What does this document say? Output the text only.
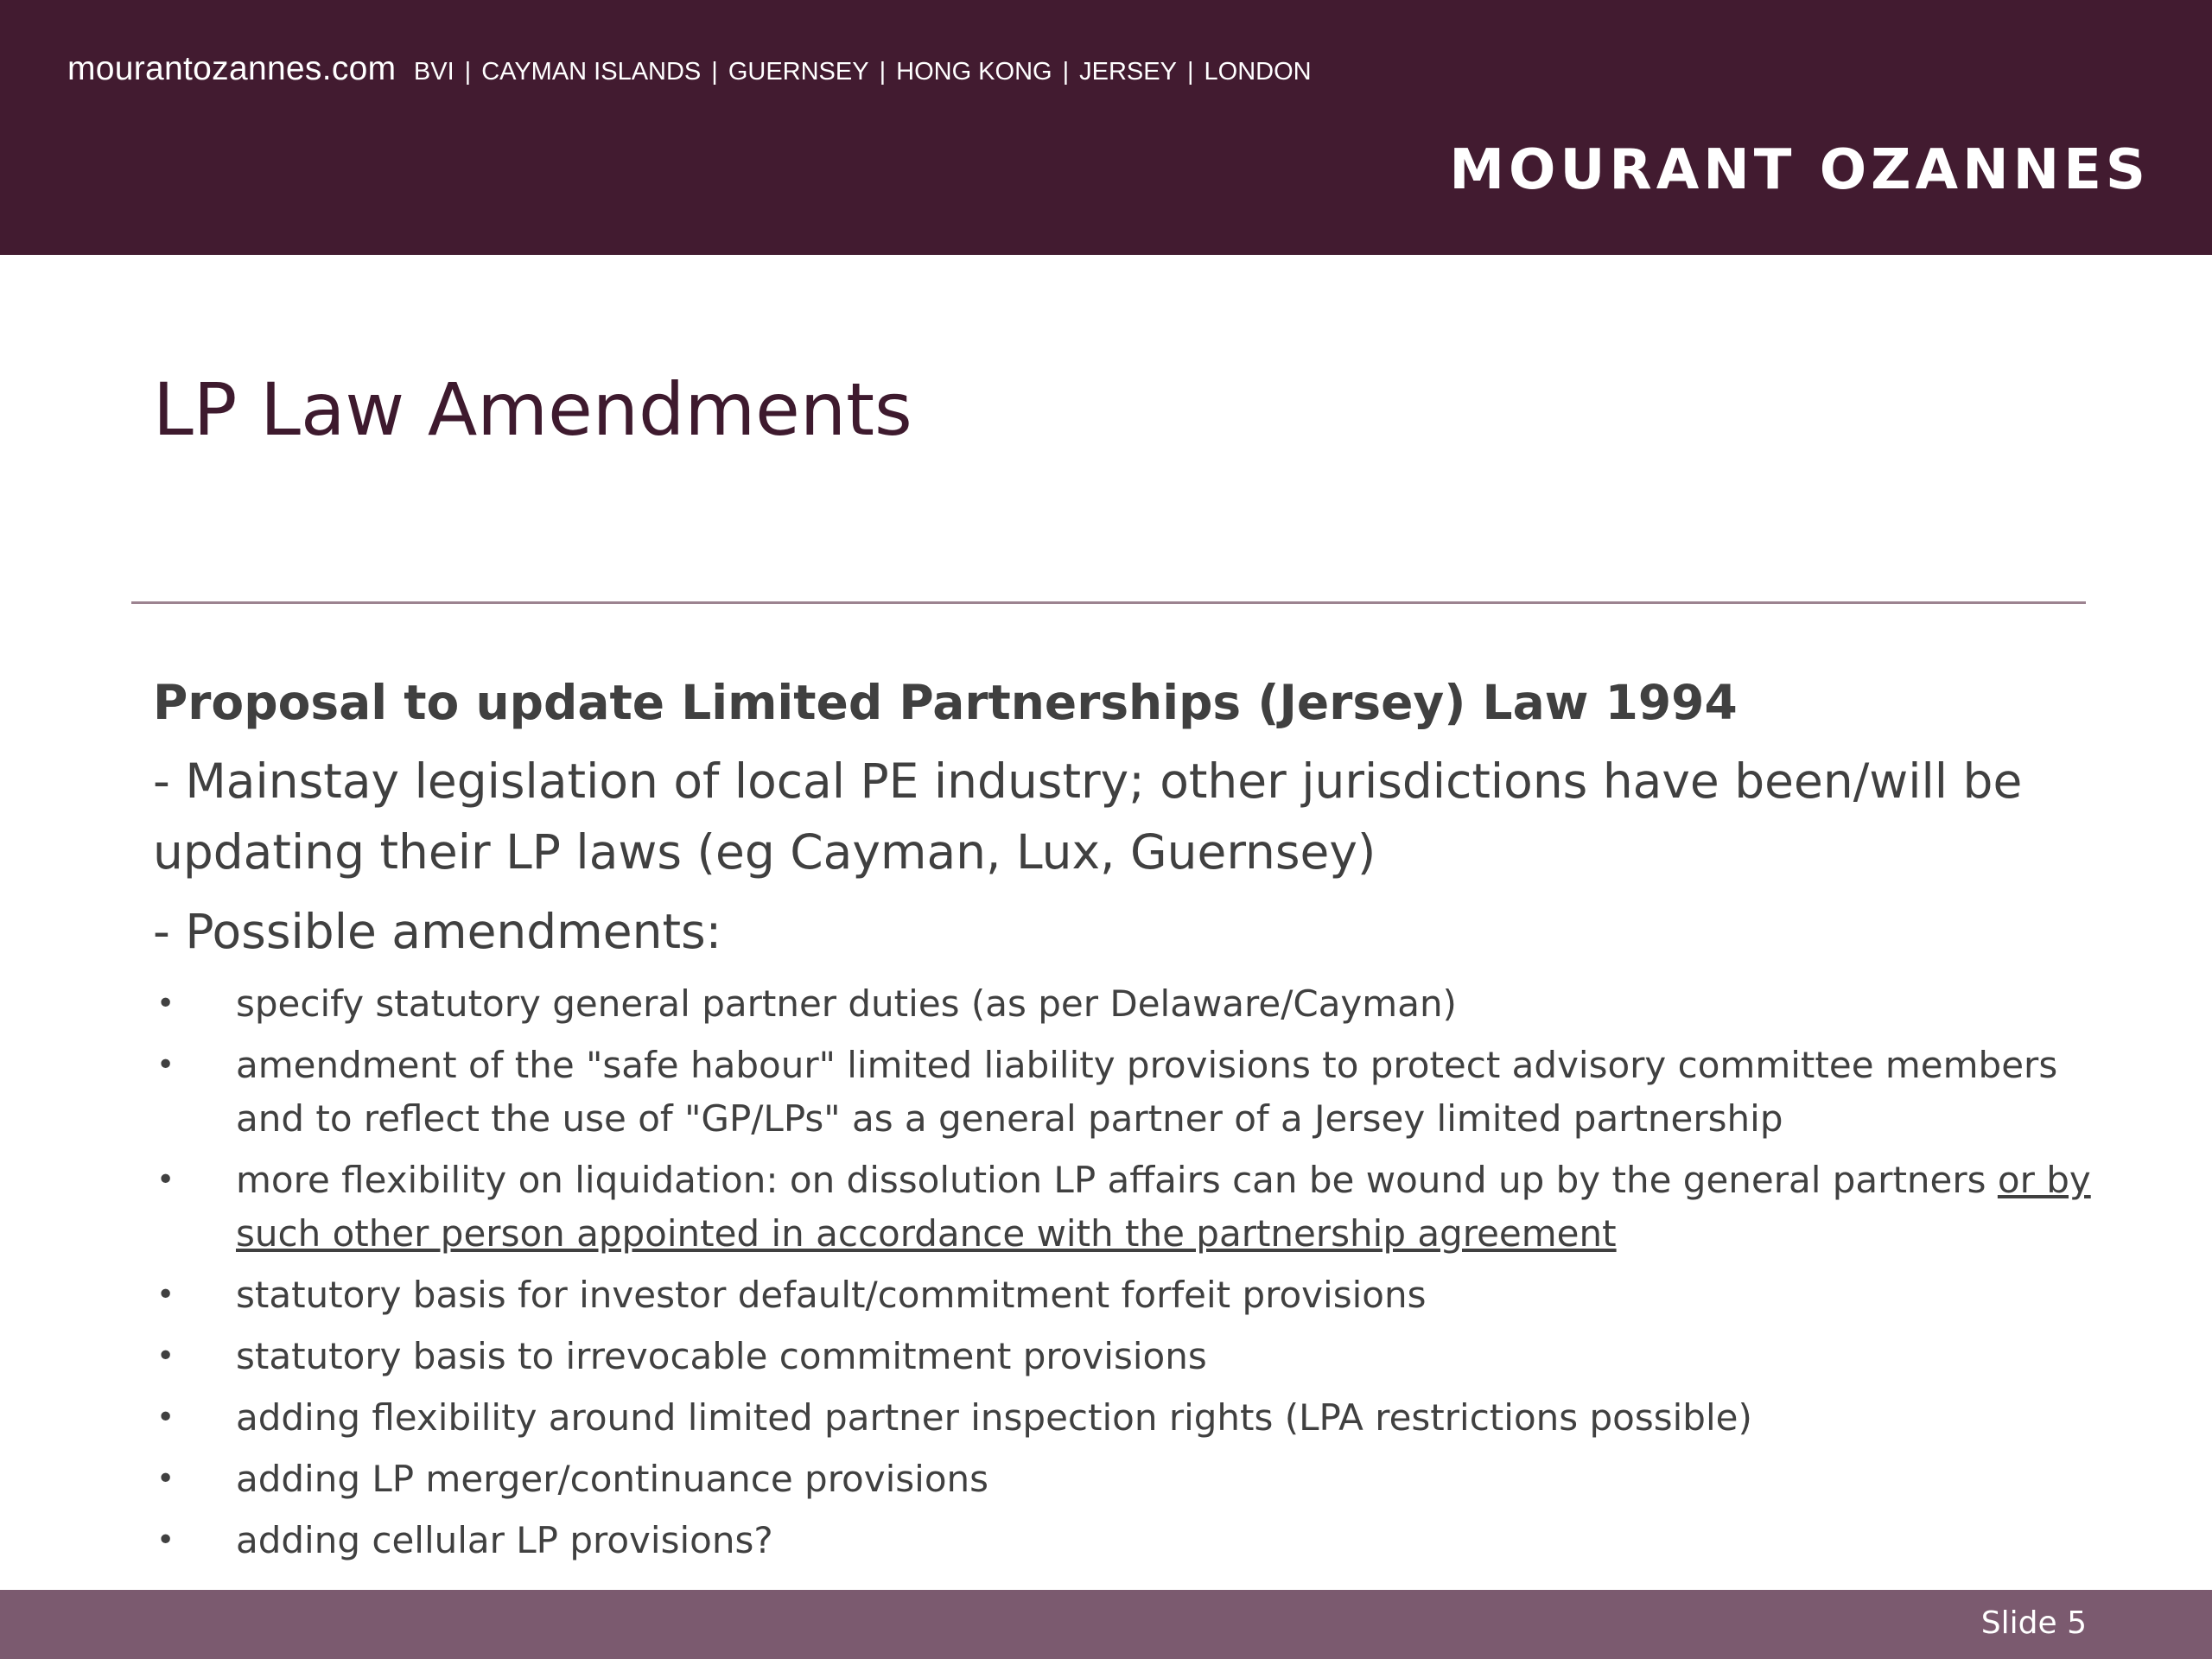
mourantozannes.com BVI | CAYMAN ISLANDS | GUERNSEY | HONG KONG | JERSEY | LONDON
MOURANT OZANNES
LP Law Amendments
Proposal to update Limited Partnerships (Jersey) Law 1994
- Mainstay legislation of local PE industry; other jurisdictions have been/will be updating their LP laws (eg Cayman, Lux, Guernsey)
- Possible amendments:
• specify statutory general partner duties (as per Delaware/Cayman)
• amendment of the "safe habour" limited liability provisions to protect advisory committee members and to reflect the use of "GP/LPs" as a general partner of a Jersey limited partnership
• more flexibility on liquidation: on dissolution LP affairs can be wound up by the general partners or by such other person appointed in accordance with the partnership agreement
• statutory basis for investor default/commitment forfeit provisions
• statutory basis to irrevocable commitment provisions
• adding flexibility around limited partner inspection rights (LPA restrictions possible)
• adding LP merger/continuance provisions
• adding cellular LP provisions?
Slide 5
